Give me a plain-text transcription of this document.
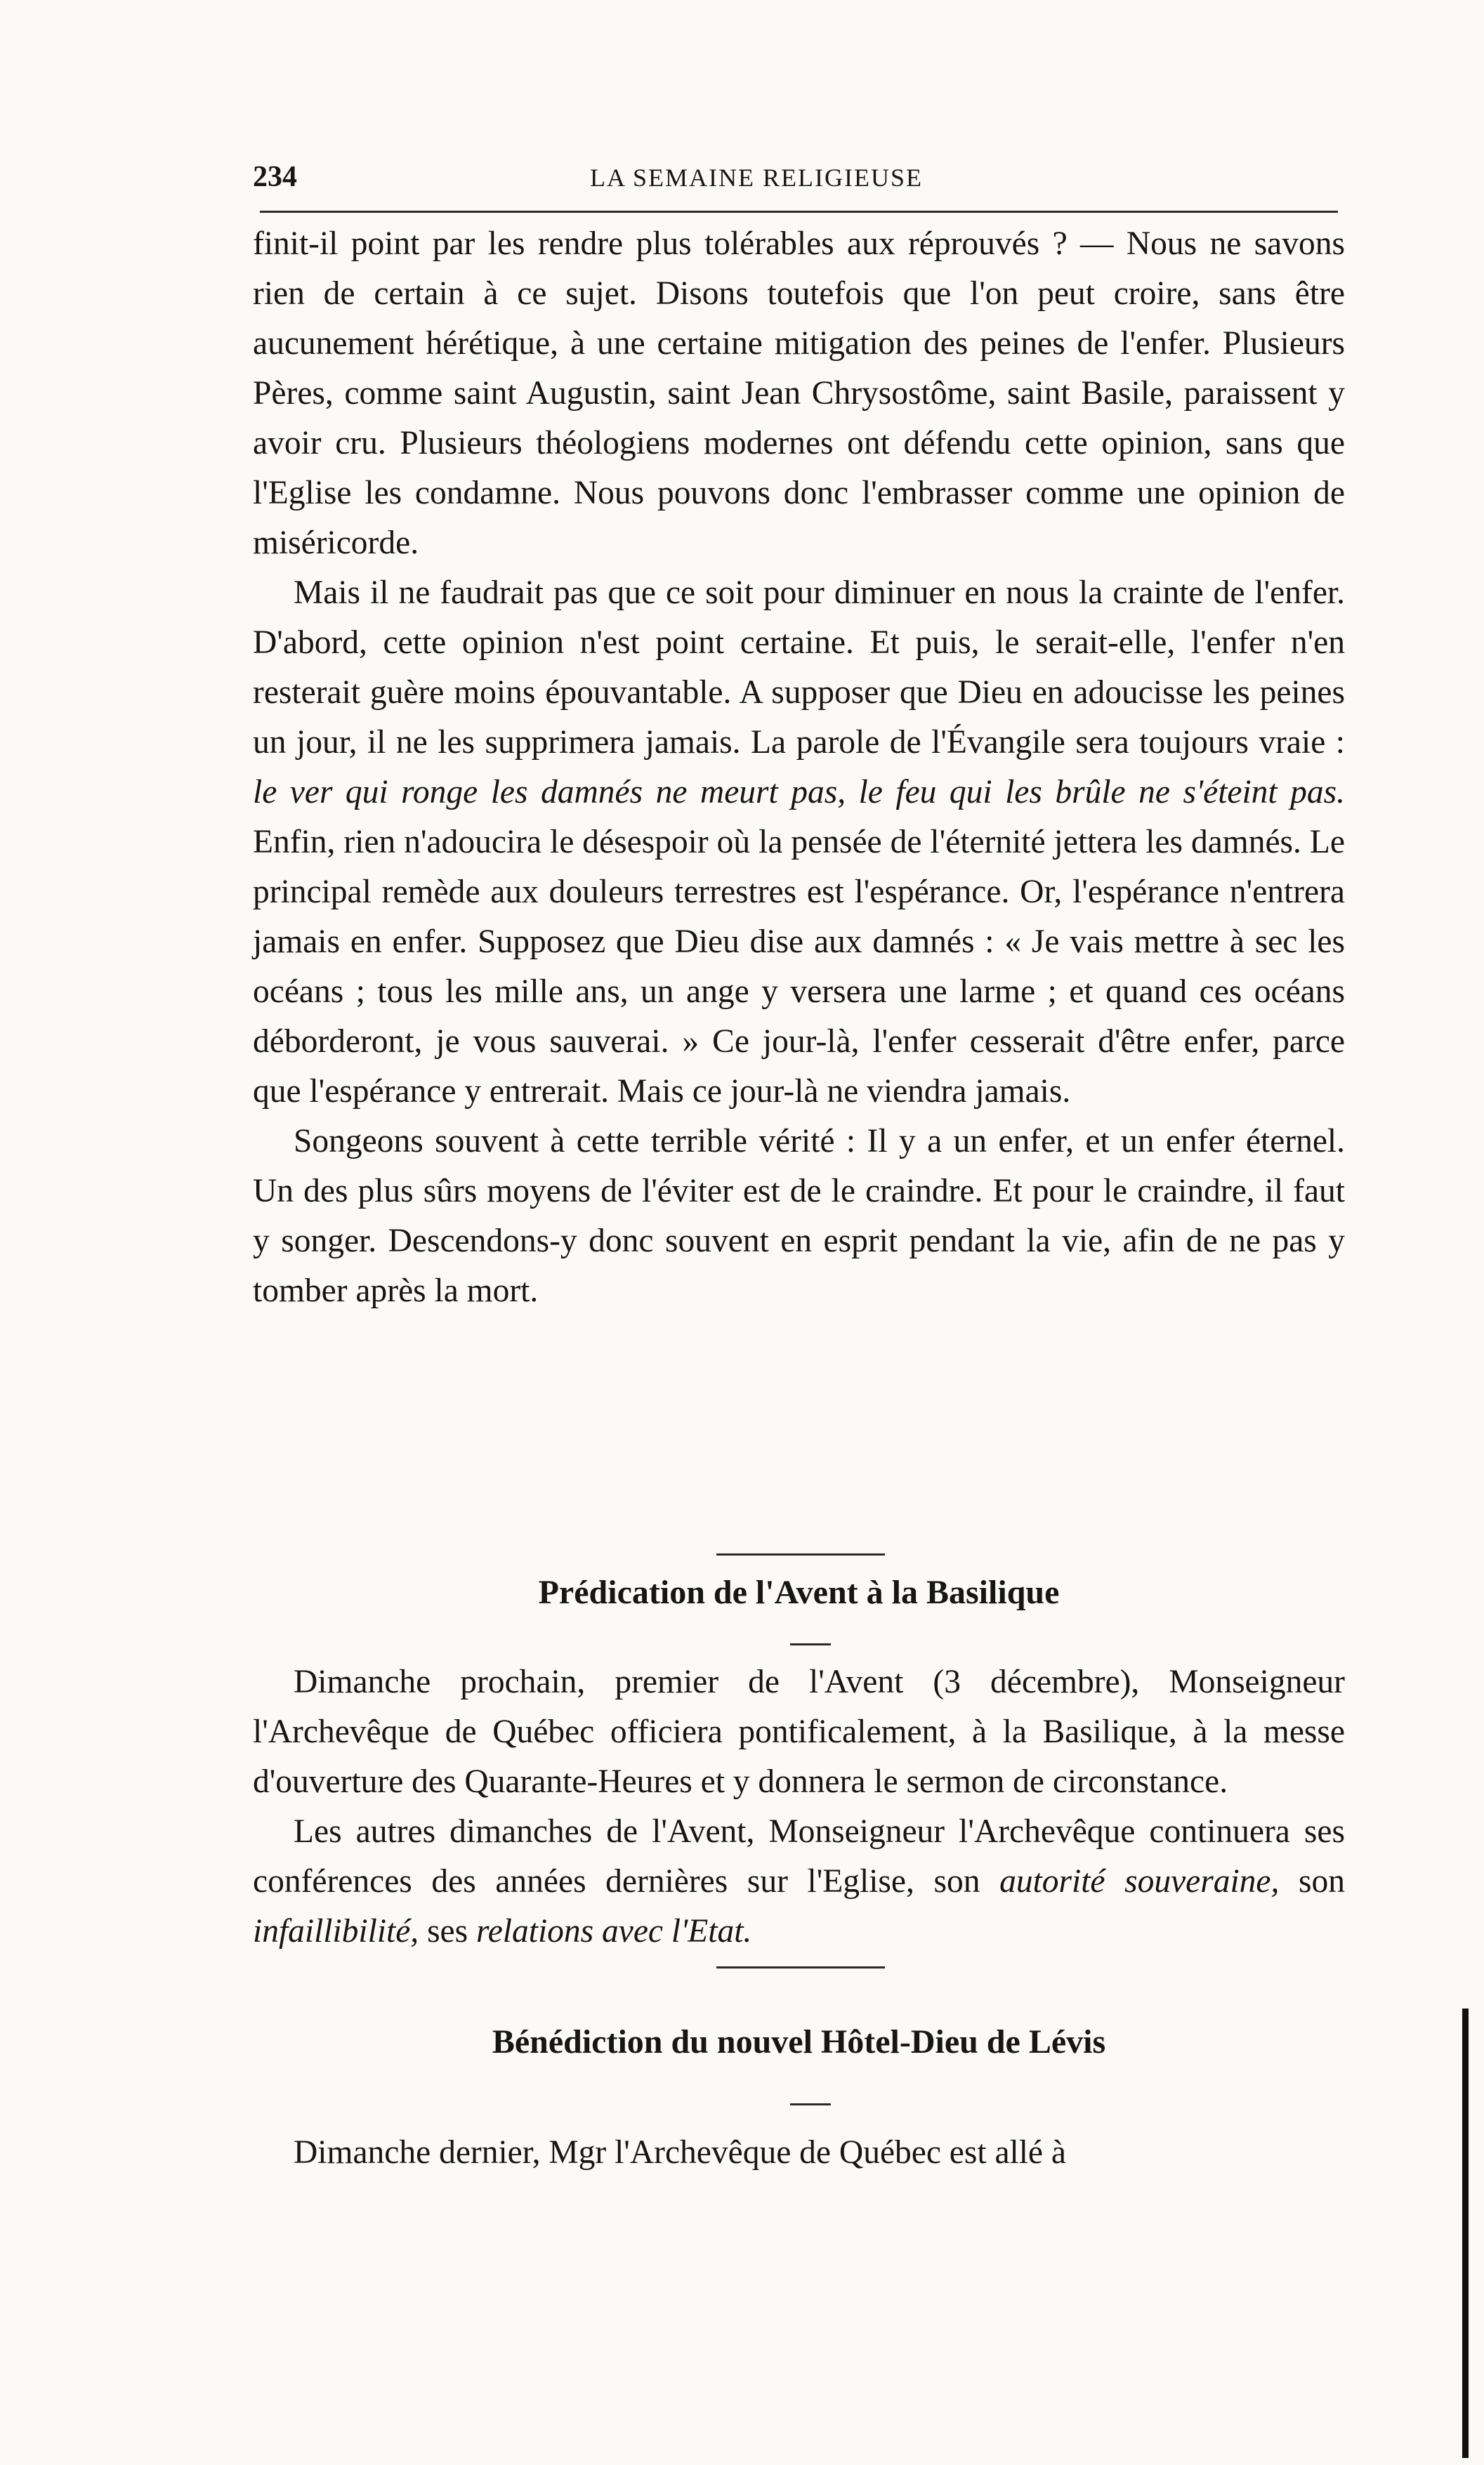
234	LA SEMAINE RELIGIEUSE

finit-il point par les rendre plus tolérables aux réprouvés ? — Nous ne savons rien de certain à ce sujet. Disons toutefois que l'on peut croire, sans être aucunement hérétique, à une certaine mitigation des peines de l'enfer. Plusieurs Pères, comme saint Augustin, saint Jean Chrysostôme, saint Basile, paraissent y avoir cru. Plusieurs théologiens modernes ont défendu cette opinion, sans que l'Eglise les condamne. Nous pouvons donc l'embrasser comme une opinion de miséricorde.

Mais il ne faudrait pas que ce soit pour diminuer en nous la crainte de l'enfer. D'abord, cette opinion n'est point certaine. Et puis, le serait-elle, l'enfer n'en resterait guère moins épouvantable. A supposer que Dieu en adoucisse les peines un jour, il ne les supprimera jamais. La parole de l'Évangile sera toujours vraie : le ver qui ronge les damnés ne meurt pas, le feu qui les brûle ne s'éteint pas. Enfin, rien n'adoucira le désespoir où la pensée de l'éternité jettera les damnés. Le principal remède aux douleurs terrestres est l'espérance. Or, l'espérance n'entrera jamais en enfer. Supposez que Dieu dise aux damnés : « Je vais mettre à sec les océans ; tous les mille ans, un ange y versera une larme ; et quand ces océans déborderont, je vous sauverai. » Ce jour-là, l'enfer cesserait d'être enfer, parce que l'espérance y entrerait. Mais ce jour-là ne viendra jamais.

Songeons souvent à cette terrible vérité : Il y a un enfer, et un enfer éternel. Un des plus sûrs moyens de l'éviter est de le craindre. Et pour le craindre, il faut y songer. Descendons-y donc souvent en esprit pendant la vie, afin de ne pas y tomber après la mort.

Prédication de l'Avent à la Basilique

Dimanche prochain, premier de l'Avent (3 décembre), Monseigneur l'Archevêque de Québec officiera pontificalement, à la Basilique, à la messe d'ouverture des Quarante-Heures et y donnera le sermon de circonstance.

Les autres dimanches de l'Avent, Monseigneur l'Archevêque continuera ses conférences des années dernières sur l'Eglise, son autorité souveraine, son infaillibilité, ses relations avec l'Etat.

Bénédiction du nouvel Hôtel-Dieu de Lévis

Dimanche dernier, Mgr l'Archevêque de Québec est allé à
